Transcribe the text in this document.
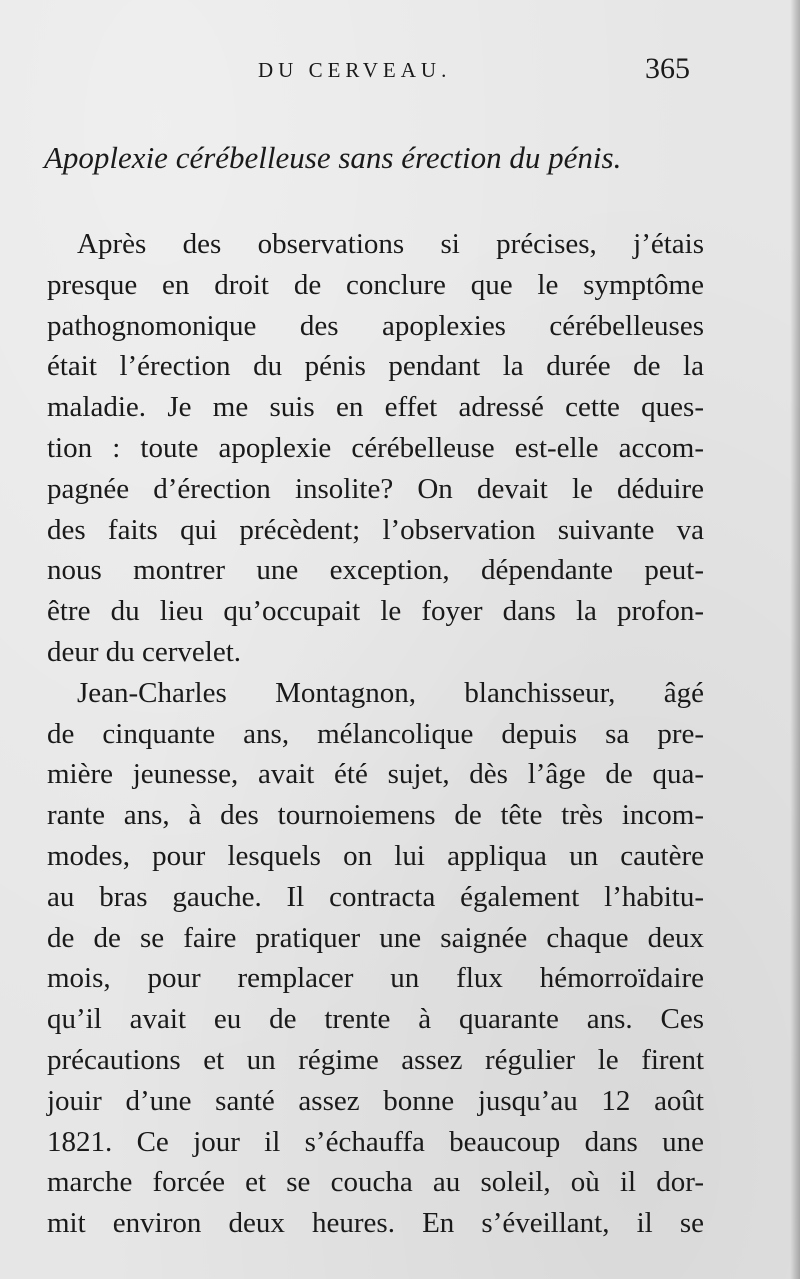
DU CERVEAU.	365
Apoplexie cérébelleuse sans érection du pénis.
Après des observations si précises, j’étais
presque en droit de conclure que le symptôme
pathognomonique des apoplexies cérébelleuses
était l’érection du pénis pendant la durée de la
maladie. Je me suis en effet adressé cette ques-
tion : toute apoplexie cérébelleuse est-elle accom-
pagnée d’érection insolite? On devait le déduire
des faits qui précèdent; l’observation suivante va
nous montrer une exception, dépendante peut-
être du lieu qu’occupait le foyer dans la profon-
deur du cervelet.
Jean-Charles Montagnon, blanchisseur, âgé
de cinquante ans, mélancolique depuis sa pre-
mière jeunesse, avait été sujet, dès l’âge de qua-
rante ans, à des tournoiemens de tête très incom-
modes, pour lesquels on lui appliqua un cautère
au bras gauche. Il contracta également l’habitu-
de de se faire pratiquer une saignée chaque deux
mois, pour remplacer un flux hémorroïdaire
qu’il avait eu de trente à quarante ans. Ces
précautions et un régime assez régulier le firent
jouir d’une santé assez bonne jusqu’au 12 août
1821. Ce jour il s’échauffa beaucoup dans une
marche forcée et se coucha au soleil, où il dor-
mit environ deux heures. En s’éveillant, il se
